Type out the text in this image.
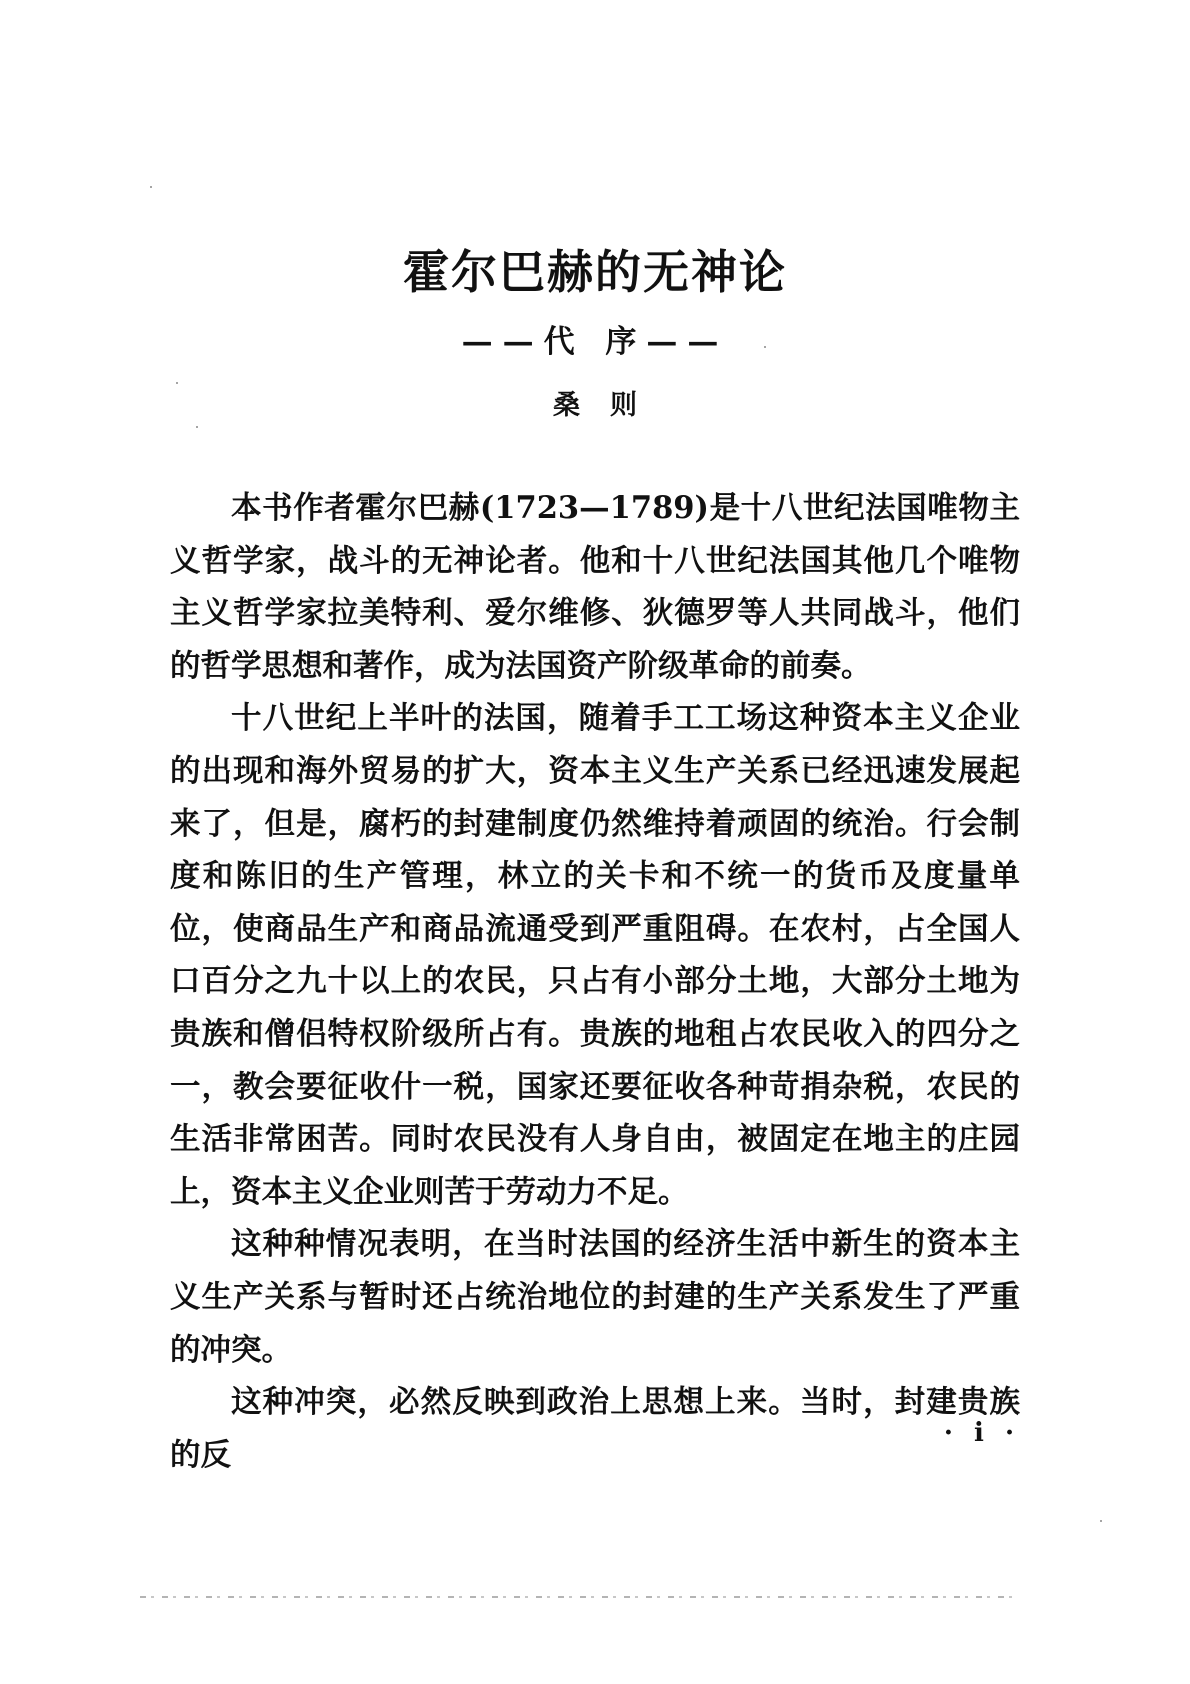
霍尔巴赫的无神论
——代 序——
桑则

本书作者霍尔巴赫(1723—1789)是十八世纪法国唯物主义哲学家，战斗的无神论者。他和十八世纪法国其他几个唯物主义哲学家拉美特利、爱尔维修、狄德罗等人共同战斗，他们的哲学思想和著作，成为法国资产阶级革命的前奏。

十八世纪上半叶的法国，随着手工工场这种资本主义企业的出现和海外贸易的扩大，资本主义生产关系已经迅速发展起来了，但是，腐朽的封建制度仍然维持着顽固的统治。行会制度和陈旧的生产管理，林立的关卡和不统一的货币及度量单位，使商品生产和商品流通受到严重阻碍。在农村，占全国人口百分之九十以上的农民，只占有小部分土地，大部分土地为贵族和僧侣特权阶级所占有。贵族的地租占农民收入的四分之一，教会要征收什一税，国家还要征收各种苛捐杂税，农民的生活非常困苦。同时农民没有人身自由，被固定在地主的庄园上，资本主义企业则苦于劳动力不足。

这种种情况表明，在当时法国的经济生活中新生的资本主义生产关系与暂时还占统治地位的封建的生产关系发生了严重的冲突。

这种冲突，必然反映到政治上思想上来。当时，封建贵族的反

· i ·
